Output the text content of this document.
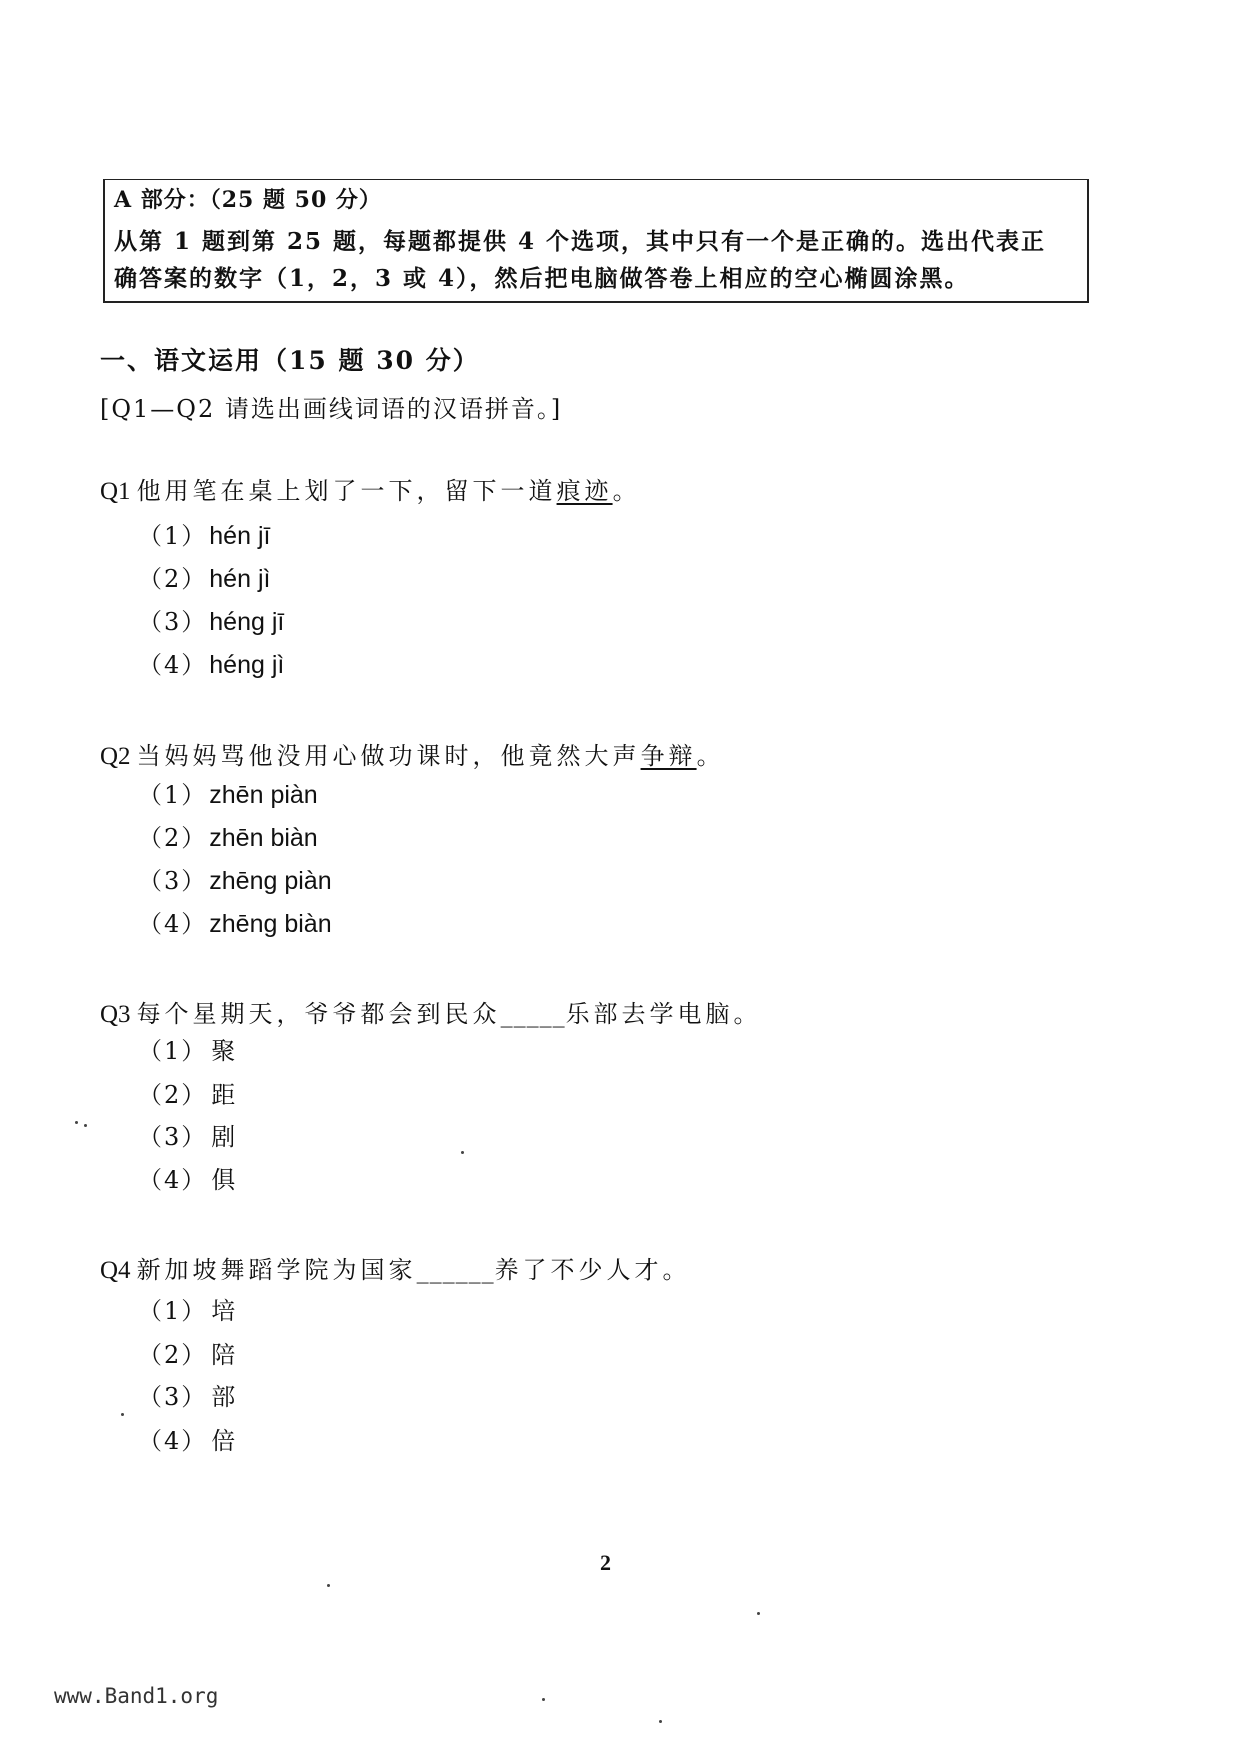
A 部分：（25 题 50 分）
从第 1 题到第 25 题，每题都提供 4 个选项，其中只有一个是正确的。选出代表正
确答案的数字（1，2，3 或 4），然后把电脑做答卷上相应的空心椭圆涂黑。
一、语文运用（15 题 30 分）
[Q1—Q2 请选出画线词语的汉语拼音。]
Q1 他用笔在桌上划了一下，留下一道痕迹。
（1）hén jī
（2）hén jì
（3）héng jī
（4）héng jì
Q2 当妈妈骂他没用心做功课时，他竟然大声争辩。
（1）zhēn piàn
（2）zhēn biàn
（3）zhēng piàn
（4）zhēng biàn
Q3 每个星期天，爷爷都会到民众_____乐部去学电脑。
（1） 聚
（2） 距
（3） 剧
（4） 俱
Q4 新加坡舞蹈学院为国家______养了不少人才。
（1） 培
（2） 陪
（3） 部
（4） 倍
2
www.Band1.org
